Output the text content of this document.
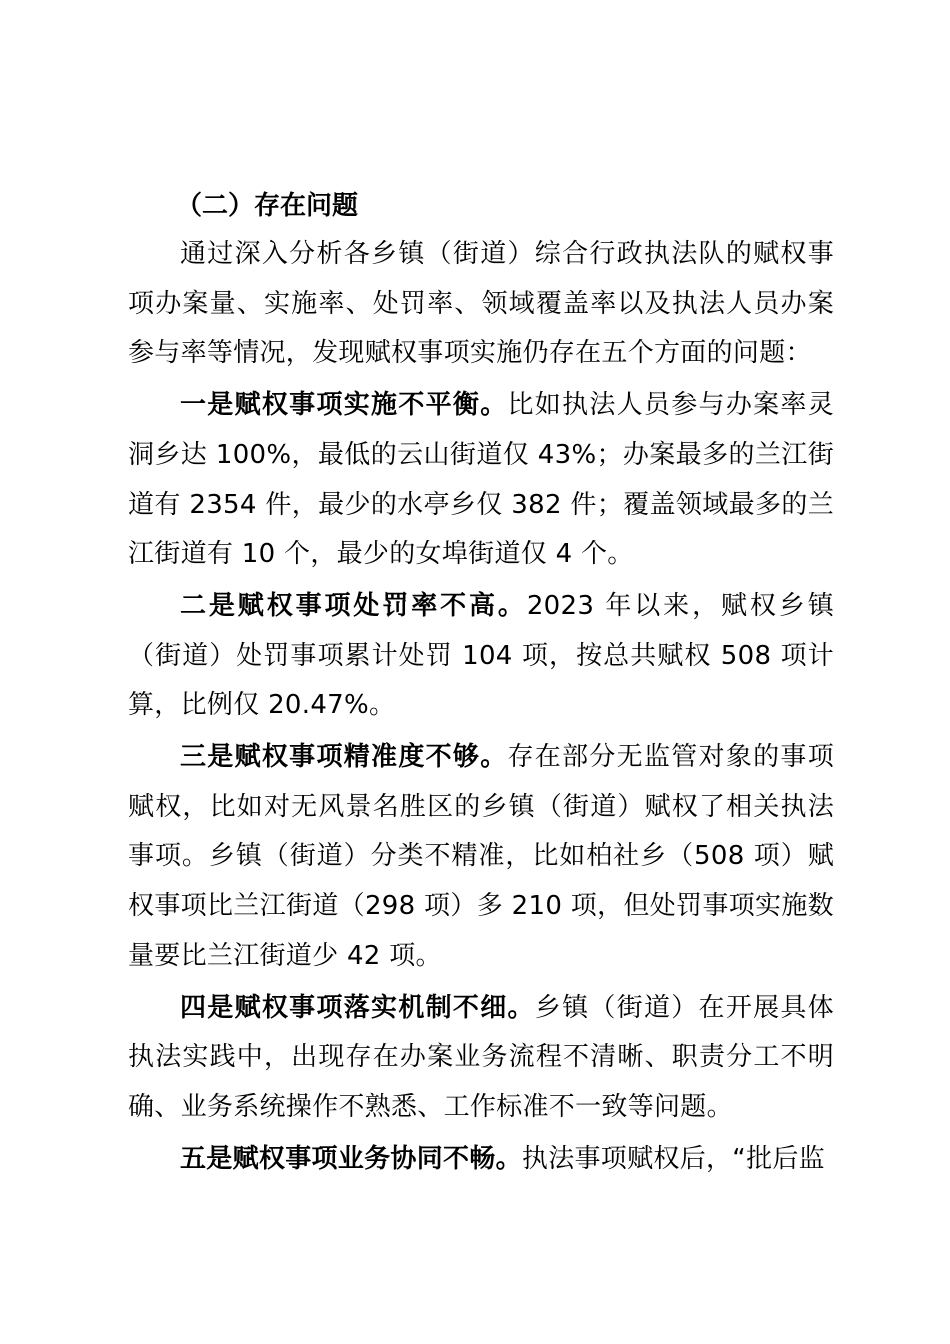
（二）存在问题

通过深入分析各乡镇（街道）综合行政执法队的赋权事项办案量、实施率、处罚率、领域覆盖率以及执法人员办案参与率等情况，发现赋权事项实施仍存在五个方面的问题：

一是赋权事项实施不平衡。比如执法人员参与办案率灵洞乡达 100%，最低的云山街道仅 43%；办案最多的兰江街道有 2354 件，最少的水亭乡仅 382 件；覆盖领域最多的兰江街道有 10 个，最少的女埠街道仅 4 个。

二是赋权事项处罚率不高。2023 年以来，赋权乡镇（街道）处罚事项累计处罚 104 项，按总共赋权 508 项计算，比例仅 20.47%。

三是赋权事项精准度不够。存在部分无监管对象的事项赋权，比如对无风景名胜区的乡镇（街道）赋权了相关执法事项。乡镇（街道）分类不精准，比如柏社乡（508 项）赋权事项比兰江街道（298 项）多 210 项，但处罚事项实施数量要比兰江街道少 42 项。

四是赋权事项落实机制不细。乡镇（街道）在开展具体执法实践中，出现存在办案业务流程不清晰、职责分工不明确、业务系统操作不熟悉、工作标准不一致等问题。

五是赋权事项业务协同不畅。执法事项赋权后，“批后监
